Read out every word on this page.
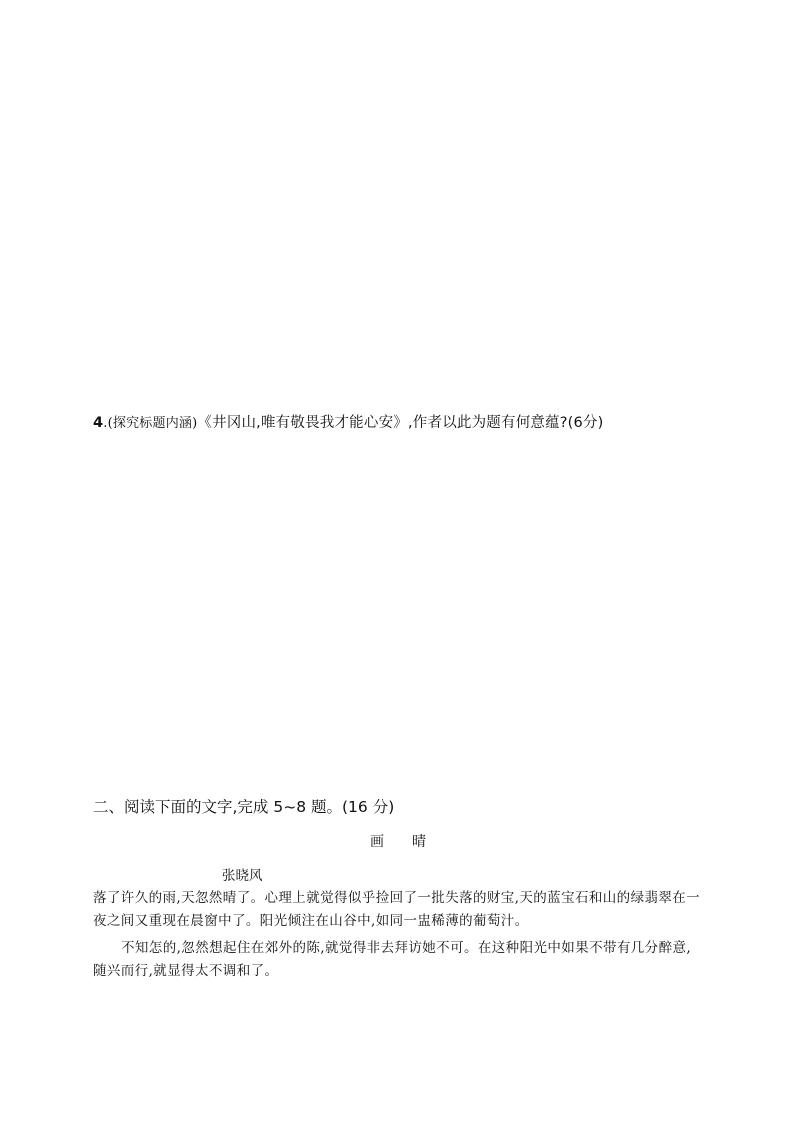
4.(探究标题内涵)《井冈山,唯有敬畏我才能心安》,作者以此为题有何意蕴?(6分)
二、阅读下面的文字,完成 5~8 题。(16 分)
画 晴
张晓风
落了许久的雨,天忽然晴了。心理上就觉得似乎捡回了一批失落的财宝,天的蓝宝石和山的绿翡翠在一夜之间又重现在晨窗中了。阳光倾注在山谷中,如同一盅稀薄的葡萄汁。
不知怎的,忽然想起住在郊外的陈,就觉得非去拜访她不可。在这种阳光中如果不带有几分醉意,随兴而行,就显得太不调和了。
